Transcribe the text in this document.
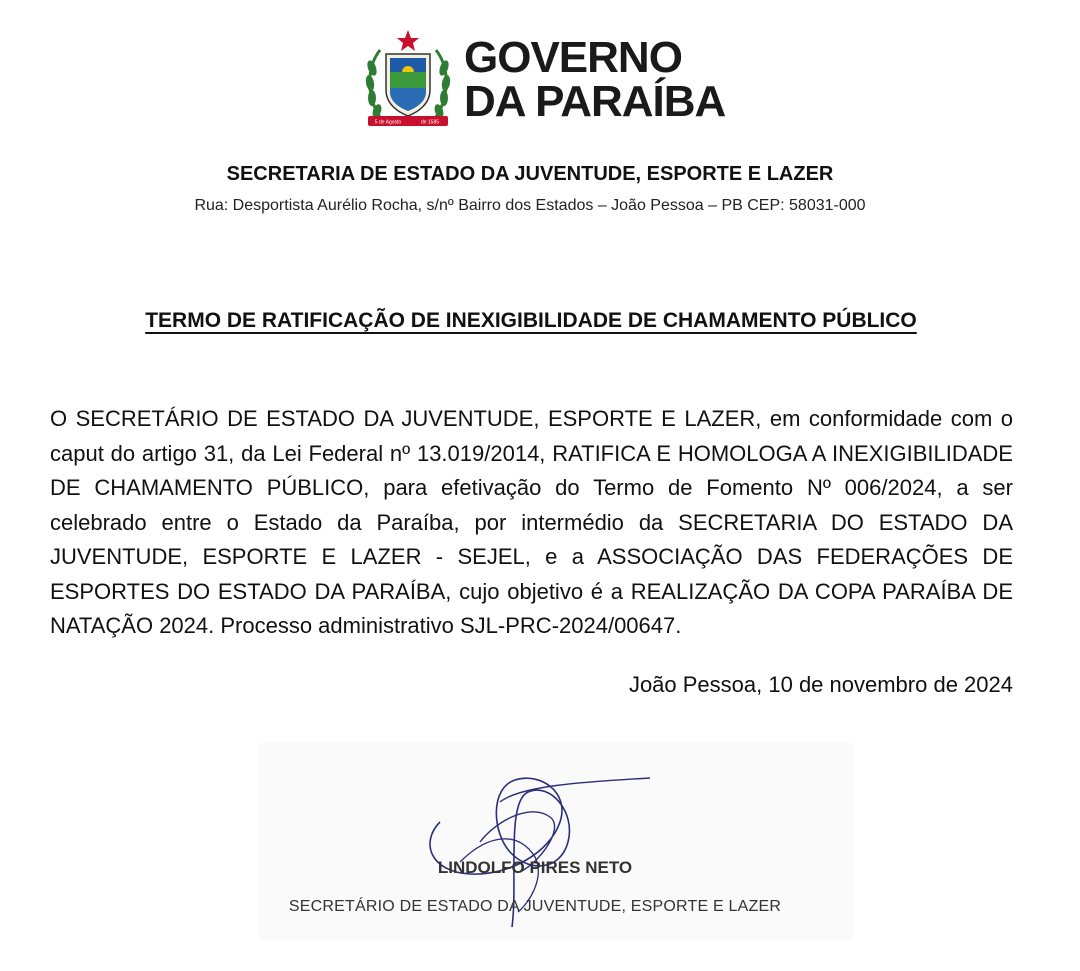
5 de Agosto	de 1585
GOVERNO
DA PARAÍBA
SECRETARIA DE ESTADO DA JUVENTUDE, ESPORTE E LAZER
Rua: Desportista Aurélio Rocha, s/nº Bairro dos Estados – João Pessoa – PB CEP: 58031-000
TERMO DE RATIFICAÇÃO DE INEXIGIBILIDADE DE CHAMAMENTO PÚBLICO
O SECRETÁRIO DE ESTADO DA JUVENTUDE, ESPORTE E LAZER, em conformidade com o caput do artigo 31, da Lei Federal nº 13.019/2014, RATIFICA E HOMOLOGA A INEXIGIBILIDADE DE CHAMAMENTO PÚBLICO, para efetivação do Termo de Fomento Nº 006/2024, a ser celebrado entre o Estado da Paraíba, por intermédio da SECRETARIA DO ESTADO DA JUVENTUDE, ESPORTE E LAZER - SEJEL, e a ASSOCIAÇÃO DAS FEDERAÇÕES DE ESPORTES DO ESTADO DA PARAÍBA, cujo objetivo é a REALIZAÇÃO DA COPA PARAÍBA DE NATAÇÃO 2024. Processo administrativo SJL-PRC-2024/00647.
João Pessoa, 10 de novembro de 2024
LINDOLFO PIRES NETO
SECRETÁRIO DE ESTADO DA JUVENTUDE, ESPORTE E LAZER
